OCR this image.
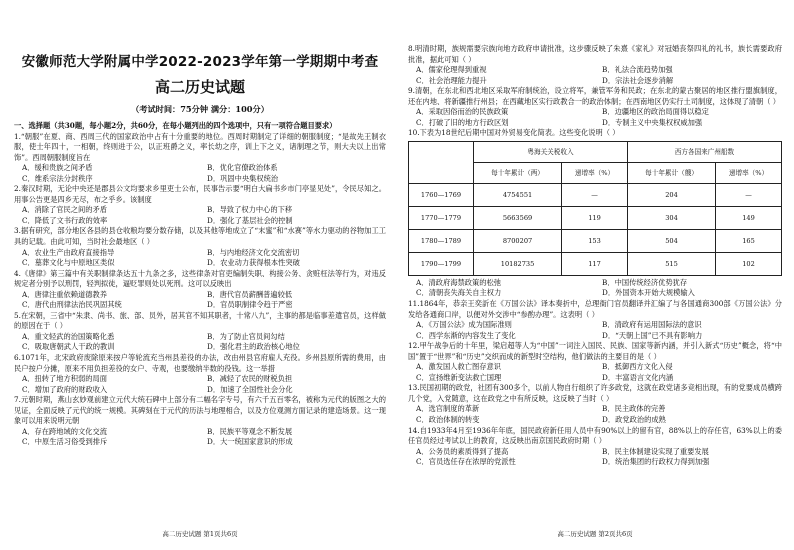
安徽师范大学附属中学2022-2023学年第一学期期中考查
高二历史试题
（考试时间：75分钟 满分：100分）

一、选择题（共30题，每小题2分，共60分，在每小题列出的四个选项中，只有一项符合题目要求）

1.“朝服”在夏、商、西周三代的国家政治中占有十分重要的地位。西周时期制定了详细的朝服制度；“是故先王制衣服，使士年四十，一相朝，终则进于公，以正班爵之义，率长幼之序，训上下之义，诸制理之节，则大夫以上出常饰”。西周朝服制度旨在

A．缓和贵族之间矛盾	B．优化官僚政治体系
C．维系宗法分封秩序	D．巩固中央集权统治

2.秦汉时期，无论中央还是郡县公文均要求乡里吏士公布，民事告示要“明白大扁书乡市门亭显见处”，令民尽知之。用事公告更是四乡无尽，布之乎乡。该制度

A．消除了官民之间的矛盾	B．导致了权力中心的下移
C．降低了文书行政的效率	D．强化了基层社会的控制

3.据有研究，部分地区各县的县仓收粮均要分数存储，以及其他等地成立了“末蜜”和“水赛”等水力驱动的谷物加工工具的记载。由此可知，当时社会最地区（ ）

A．农业生产由政府直接指导	B．与内地经济文化交流密切
C．墓葬文化与中原地区类似	D．农业动力获得根本性突破

4.《唐律》第三篇中有关职制律条达五十九条之多，这些律条对官吏编制失职、构接公务、贪赃枉法等行为，对违反规定者分别予以刑罚，轻判拟徒，逼贬罪则处以死刑。这可以反映出

A．唐律注重依赖道德教养	B．唐代官员薪酬普遍较低
C．唐代由刑律法治民巩固其统	D．官员职制律令趋于严密

5.在宋朝，三省中“朱隶、尚书、旅、部、员外，居其官不知其职者，十常八九”，主事的都是临事差遣官员，这样做的原因在于（ ）

A．重文轻武的治国策略化悉	B．为了防止官员间勾结
C．吸取唐朝武人干政的教训	D．强化君主的政治核心地位

6.1071年，北宋政府废除原来按户等轮流充当州县差役的办法，改由州县官府雇人充役。乡州县原所需的费用，由民户按户分摊，原来不用负担差役的女户、寺观，也要缴纳半数的役钱。这一举措

A．扭转了地方积弱的局面	B．减轻了农民的财税负担
C．增加了政府的财政收入	D．加速了全国性社会分化

7.元朝时期，燕山玄妙观前建立元代大统石碑中上部分有二幅名字专号，有六千五百零名，被称为元代的版图之大的见证，全面反映了元代的统一规模。其碑刻在于元代的历法与地理相合，以及方位观测方面记录的建造场景。这一现象可以用来说明元朝

A．存在跨地域的文化交流	B．民族平等观念不断发展
C．中原生活习俗受到排斥	D．大一统国家意识的形成
高二历史试题 第1页共6页

8.明清时期，族规需要宗族向地方政府申请批准，这步骤反映了朱熹《家礼》对冠婚丧祭四礼的礼书，族长需要政府批准，据此可知（ ）

A．儒家伦理得到重视	B．礼法合流趋势加强
C．社会治理能力提升	D．宗法社会逐步消解

9.清朝，在东北和西北地区采取军府制统治，设立将军，兼管军务和民政；在东北的蒙古聚居的地区推行盟旗制度，还在内地、将新疆推行州县；在西藏地区实行政教合一的政治体制；在西南地区仍实行土司制度，这体现了清朝（ ）

A．采取因俗而治的民族政策	B．边疆地区的政治局面得以稳定
C．打破了旧的地方行政区划	D．专制主义中央集权权威加强

10.下表为18世纪后期中国对外贸易变化简表。这些变化说明（ ）

	粤海关关税收入		西方各国来广州船数	
	每十年累计（两）	递增率（%）	每十年累计（艘）	递增率（%）
1760—1769	4754551	—	204	—
1770—1779	5663569	119	304	149
1780—1789	8700207	153	504	165
1790—1799	10182735	117	515	102
A．清政府海禁政策的松弛	B．中国传统经济优势犹存
C．清朝丧失海关自主权力	D．外国资本开始大规模输入

11.1864年，恭亲王奕訢在《万国公法》译本奏折中，总理衙门官员翻译并汇编了与各国通商300部《万国公法》分发给各通商口岸，以便对外交涉中“参酌办理”。这表明（ ）

A．《万国公法》成为国际准则	B．清政府有运用国际法的意识
C．西学东渐的内容发生了变化	D．“天朝上国”已不具有影响力

12.甲午战争后的十年里，梁启超等人为“中国”一词注入国民、民族、国家等新内涵，并引入新式“历史”概念，将“中国”置于“世界”和“历史”交织而成的新型时空结构，他们做法的主要目的是（ ）

A．激发国人救亡图存意识	B．抵御西方文化入侵
C．宣扬维新变法救亡国理	D．丰富语言文化内涵

13.民国初期的政党，社团有300多个，以前人物自行组织了许多政党，这就在政党诸多竞相出现，有的党要成员横跨几个党，入党随意，这在政党之中有所反映，这反映了当时（ ）

A．选官制度的革新	B．民主政体的完善
C．政治体制的转变	D．政党政治的成熟

14.自1933年4月至1936年年底，国民政府新任用人员中有90%以上的留有官，88%以上的存任官，63%以上的委任官员经过考试以上的教育，这反映出南京国民政府时期（ ）

A．公务员的素质得到了提高	B．民主体制建设实现了重要发展
C．官员选任存在浓厚的党派性	D．统治集团的行政权力得到加强
高二历史试题 第2页共6页
